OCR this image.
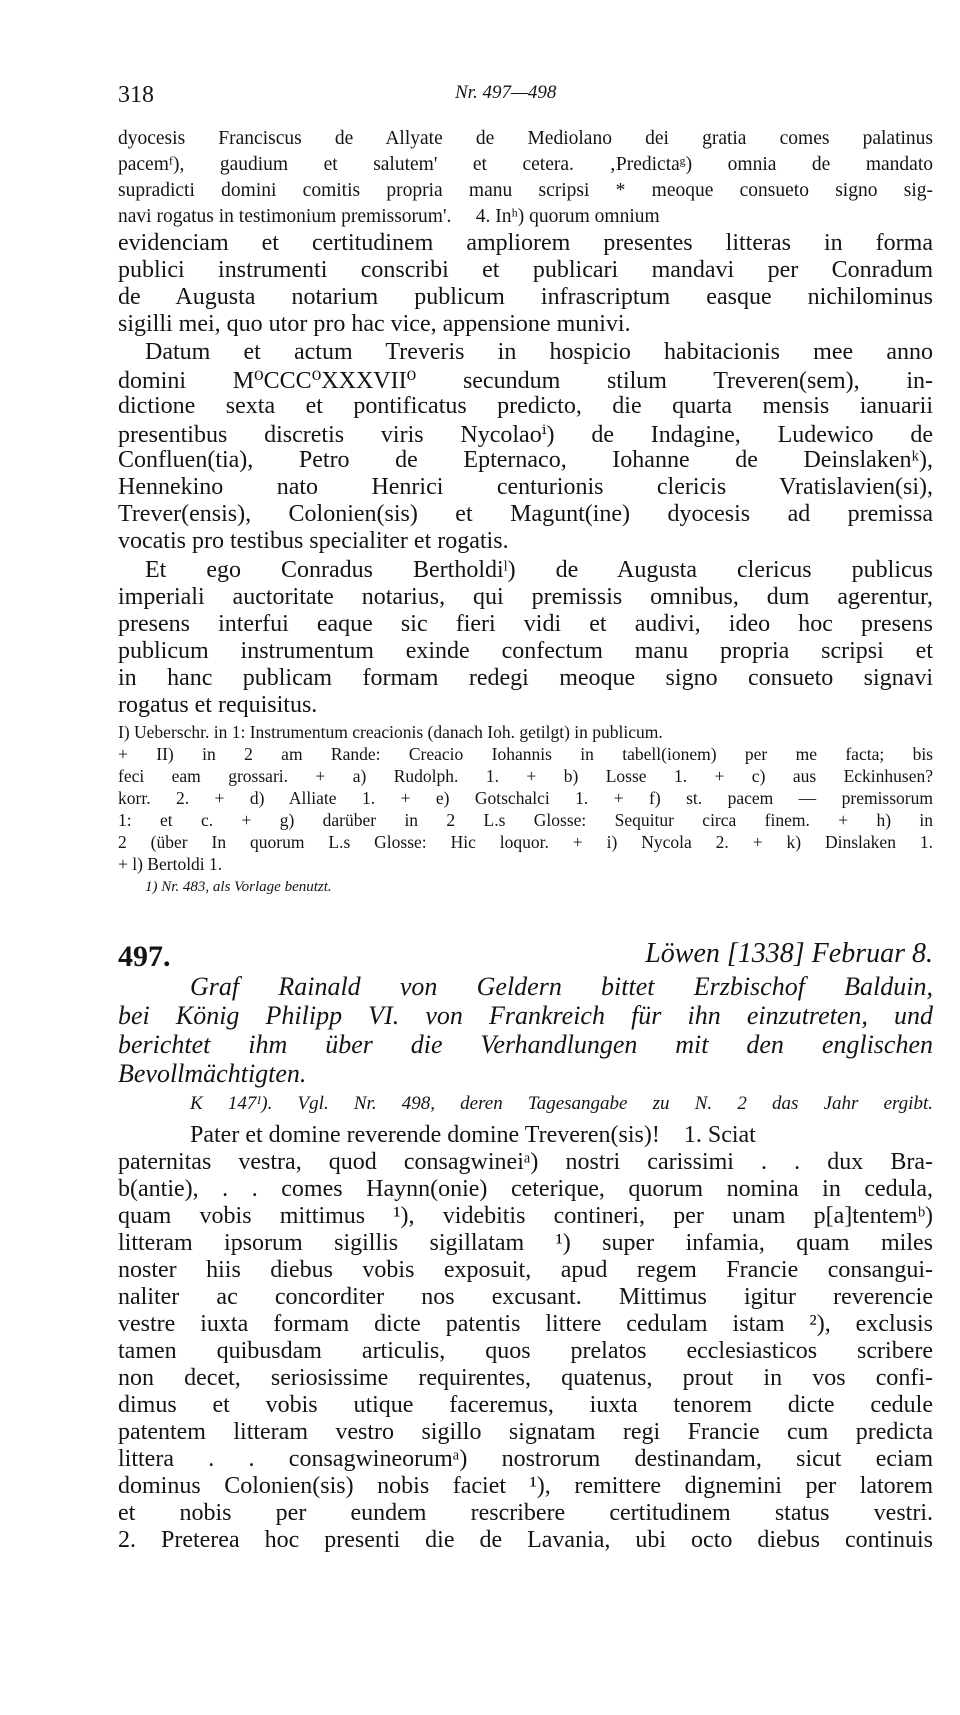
318	Nr. 497—498
dyocesis Franciscus de Allyate de Mediolano dei gratia comes palatinus
pacemᶠ), gaudium et salutem' et cetera. ‚Predictaᵍ) omnia de mandato
supradicti domini comitis propria manu scripsi * meoque consueto signo sig-
navi rogatus in testimonium premissorum'.     4. Inʰ) quorum omnium
evidenciam et certitudinem ampliorem presentes litteras in forma
publici instrumenti conscribi et publicari mandavi per Conradum
de Augusta notarium publicum infrascriptum easque nichilominus
sigilli mei, quo utor pro hac vice, appensione munivi.
Datum et actum Treveris in hospicio habitacionis mee anno
domini M⁰CCC⁰XXXVII⁰ secundum stilum Treveren(sem), in-
dictione sexta et pontificatus predicto, die quarta mensis ianuarii
presentibus discretis viris Nycolaoⁱ) de Indagine, Ludewico de
Confluen(tia), Petro de Epternaco, Iohanne de Deinslakenᵏ),
Hennekino nato Henrici centurionis clericis Vratislavien(si),
Trever(ensis), Colonien(sis) et Magunt(ine) dyocesis ad premissa
vocatis pro testibus specialiter et rogatis.
Et ego Conradus Bertholdiˡ) de Augusta clericus publicus
imperiali auctoritate notarius, qui premissis omnibus, dum agerentur,
presens interfui eaque sic fieri vidi et audivi, ideo hoc presens
publicum instrumentum exinde confectum manu propria scripsi et
in hanc publicam formam redegi meoque signo consueto signavi
rogatus et requisitus.
I) Ueberschr. in 1: Instrumentum creacionis (danach Ioh. getilgt) in publicum.
+ II) in 2 am Rande: Creacio Iohannis in tabell(ionem) per me facta; bis
feci eam grossari. + a) Rudolph. 1. + b) Losse 1. + c) aus Eckinhusen?
korr. 2. + d) Alliate 1. + e) Gotschalci 1. + f) st. pacem — premissorum
1: et c. + g) darüber in 2 L.s Glosse: Sequitur circa finem. + h) in
2 (über In quorum L.s Glosse: Hic loquor. + i) Nycola 2. + k) Dinslaken 1.
+ l) Bertoldi 1.
1) Nr. 483, als Vorlage benutzt.
497.	Löwen [1338] Februar 8.
Graf Rainald von Geldern bittet Erzbischof Balduin,
bei König Philipp VI. von Frankreich für ihn einzutreten, und
berichtet ihm über die Verhandlungen mit den englischen
Bevollmächtigten.
K 147ᴵ). Vgl. Nr. 498, deren Tagesangabe zu N. 2 das Jahr ergibt.
Pater et domine reverende domine Treveren(sis)!    1. Sciat
paternitas vestra, quod consagwineiᵃ) nostri carissimi . . dux Bra-
b(antie), . . comes Haynn(onie) ceterique, quorum nomina in cedula,
quam vobis mittimus ¹), videbitis contineri, per unam p[a]tentemᵇ)
litteram ipsorum sigillis sigillatam ¹) super infamia, quam miles
noster hiis diebus vobis exposuit, apud regem Francie consangui-
naliter ac concorditer nos excusant. Mittimus igitur reverencie
vestre iuxta formam dicte patentis littere cedulam istam ²), exclusis
tamen quibusdam articulis, quos prelatos ecclesiasticos scribere
non decet, seriosissime requirentes, quatenus, prout in vos confi-
dimus et vobis utique faceremus, iuxta tenorem dicte cedule
patentem litteram vestro sigillo signatam regi Francie cum predicta
littera . . consagwineorumᵃ) nostrorum destinandam, sicut eciam
dominus Colonien(sis) nobis faciet ¹), remittere dignemini per latorem
et nobis per eundem rescribere certitudinem status vestri.
2. Preterea hoc presenti die de Lavania, ubi octo diebus continuis
